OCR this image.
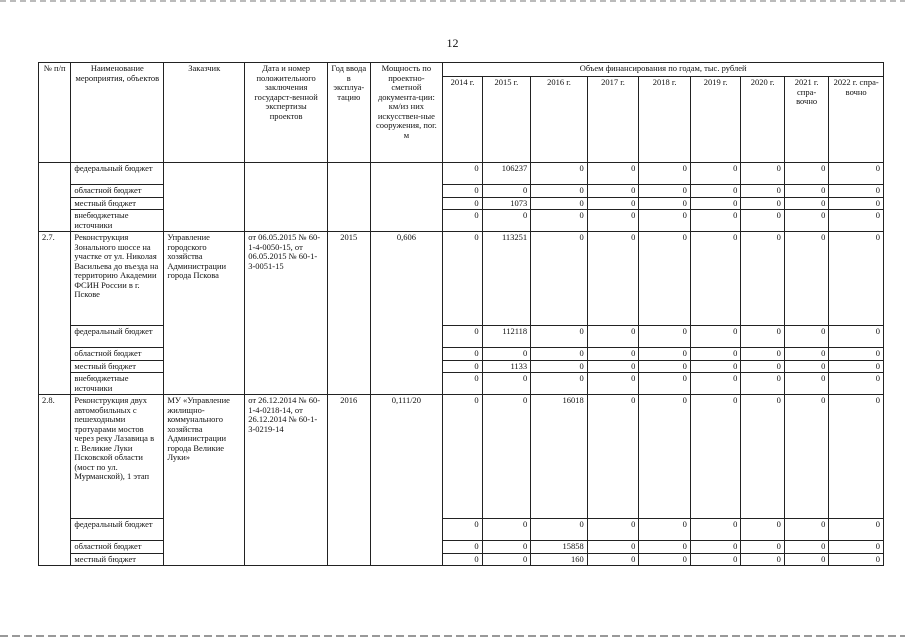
12
№ п/п	Наименование мероприятия, объектов	Заказчик	Дата и номер положительного заключения государст-венной экспертизы проектов	Год ввода в эксплуа-тацию	Мощность по проектно-сметной документа-ции: км/из них искусствен-ные сооружения, пог. м	Объем финансирования по годам, тыс. рублей								
						2014 г.	2015 г.	2016 г.	2017 г.	2018 г.	2019 г.	2020 г.	2021 г. спра-вочно	2022 г. спра-вочно
	федеральный бюджет					0	106237	0	0	0	0	0	0	0
	областной бюджет					0	0	0	0	0	0	0	0	0
	местный бюджет					0	1073	0	0	0	0	0	0	0
	внебюджетные источники					0	0	0	0	0	0	0	0	0
2.7.	Реконструкция Зонального шоссе на участке от ул. Николая Васильева до въезда на территорию Академии ФСИН России в г. Пскове	Управление городского хозяйства Администрации города Пскова	от 06.05.2015 № 60-1-4-0050-15, от 06.05.2015 № 60-1-3-0051-15	2015	0,606	0	113251	0	0	0	0	0	0	0
	федеральный бюджет					0	112118	0	0	0	0	0	0	0
	областной бюджет					0	0	0	0	0	0	0	0	0
	местный бюджет					0	1133	0	0	0	0	0	0	0
	внебюджетные источники					0	0	0	0	0	0	0	0	0
2.8.	Реконструкция двух автомобильных с пешеходными тротуарами мостов через реку Лазавица в г. Великие Луки Псковской области (мост по ул. Мурманской), 1 этап	МУ «Управление жилищно-коммунального хозяйства Администрации города Великие Луки»	от 26.12.2014 № 60-1-4-0218-14, от 26.12.2014 № 60-1-3-0219-14	2016	0,111/20	0	0	16018	0	0	0	0	0	0
	федеральный бюджет					0	0	0	0	0	0	0	0	0
	областной бюджет					0	0	15858	0	0	0	0	0	0
	местный бюджет					0	0	160	0	0	0	0	0	0
